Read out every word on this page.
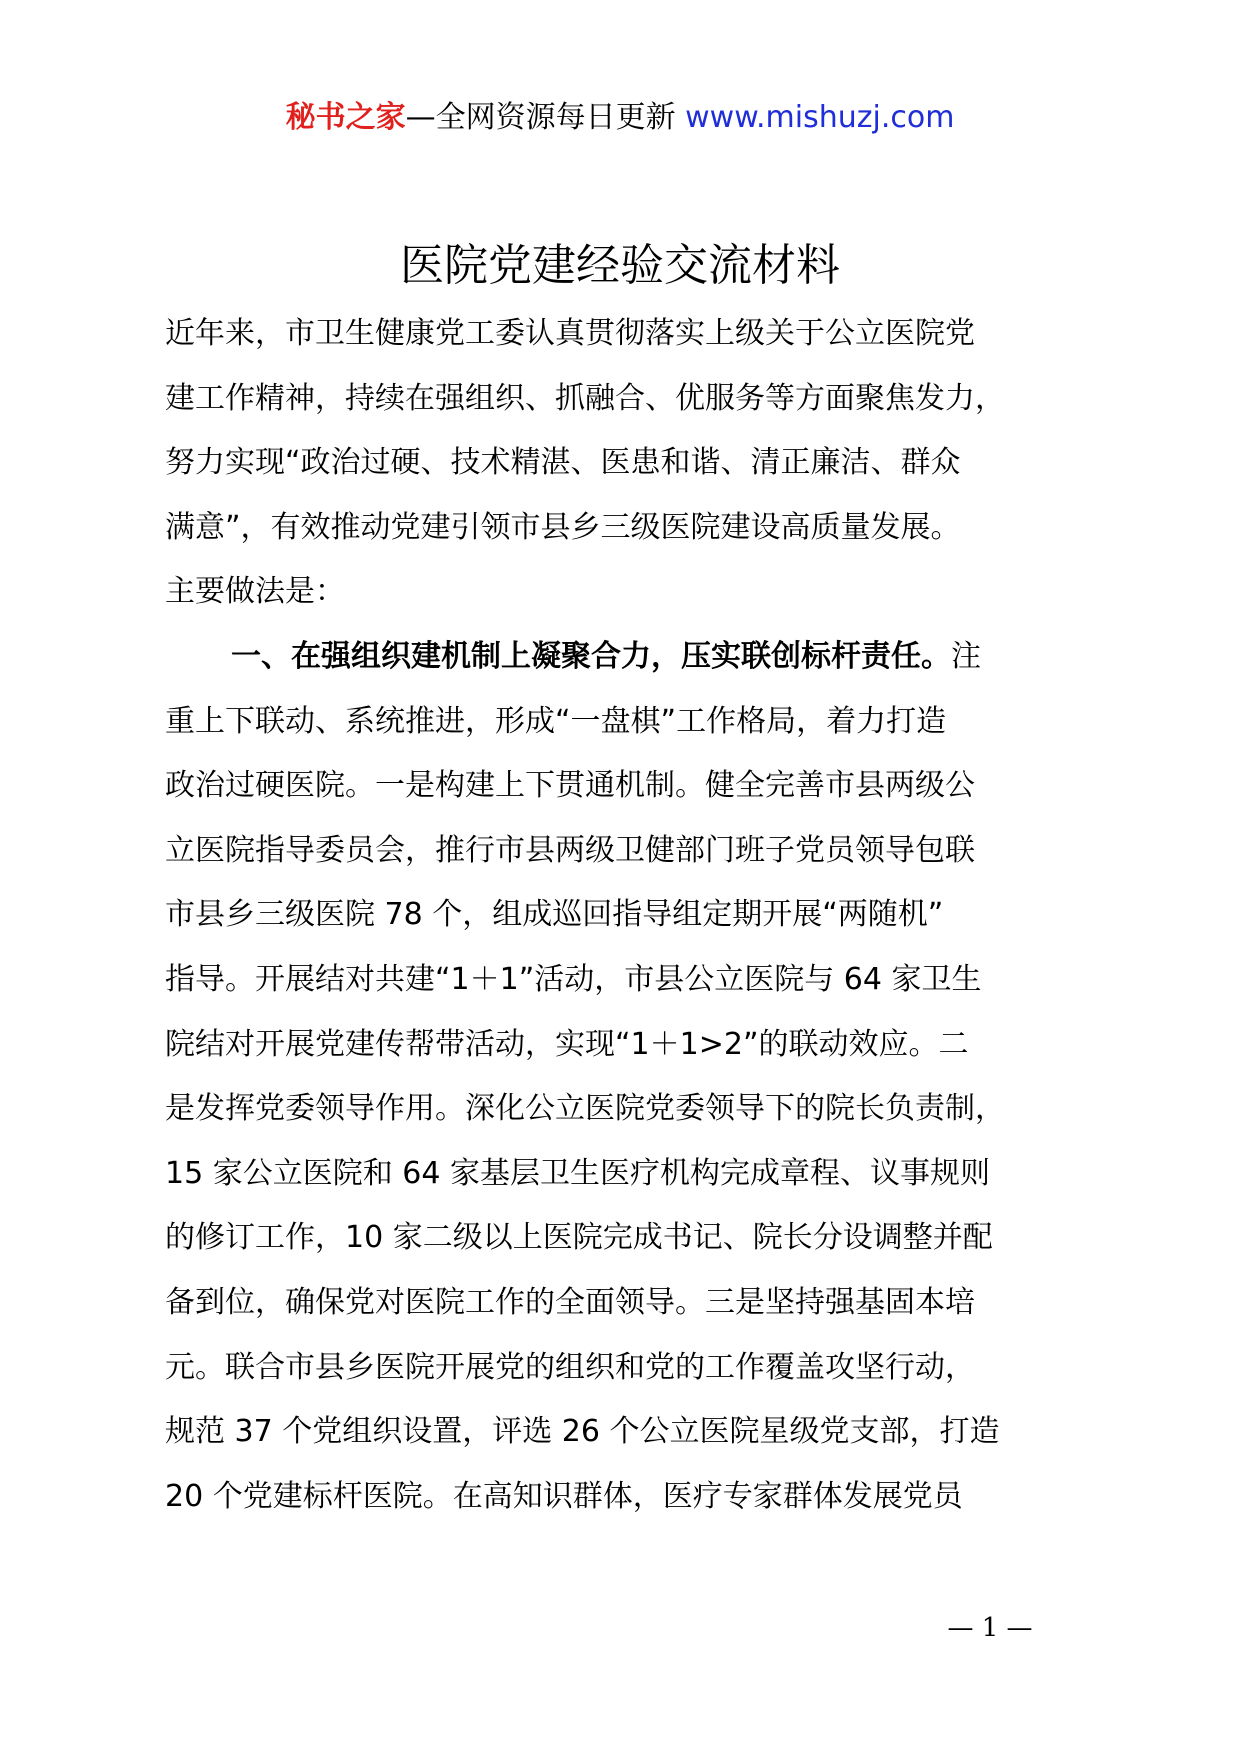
秘书之家—全网资源每日更新 www.mishuzj.com
医院党建经验交流材料
近年来，市卫生健康党工委认真贯彻落实上级关于公立医院党
建工作精神，持续在强组织、抓融合、优服务等方面聚焦发力，
努力实现“政治过硬、技术精湛、医患和谐、清正廉洁、群众
满意”，有效推动党建引领市县乡三级医院建设高质量发展。
主要做法是：
一、在强组织建机制上凝聚合力，压实联创标杆责任。注
重上下联动、系统推进，形成“一盘棋”工作格局，着力打造
政治过硬医院。一是构建上下贯通机制。健全完善市县两级公
立医院指导委员会，推行市县两级卫健部门班子党员领导包联
市县乡三级医院 78 个，组成巡回指导组定期开展“两随机”
指导。开展结对共建“1＋1”活动，市县公立医院与 64 家卫生
院结对开展党建传帮带活动，实现“1＋1>2”的联动效应。二
是发挥党委领导作用。深化公立医院党委领导下的院长负责制，
15 家公立医院和 64 家基层卫生医疗机构完成章程、议事规则
的修订工作，10 家二级以上医院完成书记、院长分设调整并配
备到位，确保党对医院工作的全面领导。三是坚持强基固本培
元。联合市县乡医院开展党的组织和党的工作覆盖攻坚行动，
规范 37 个党组织设置，评选 26 个公立医院星级党支部，打造
20 个党建标杆医院。在高知识群体，医疗专家群体发展党员
— 1 —
